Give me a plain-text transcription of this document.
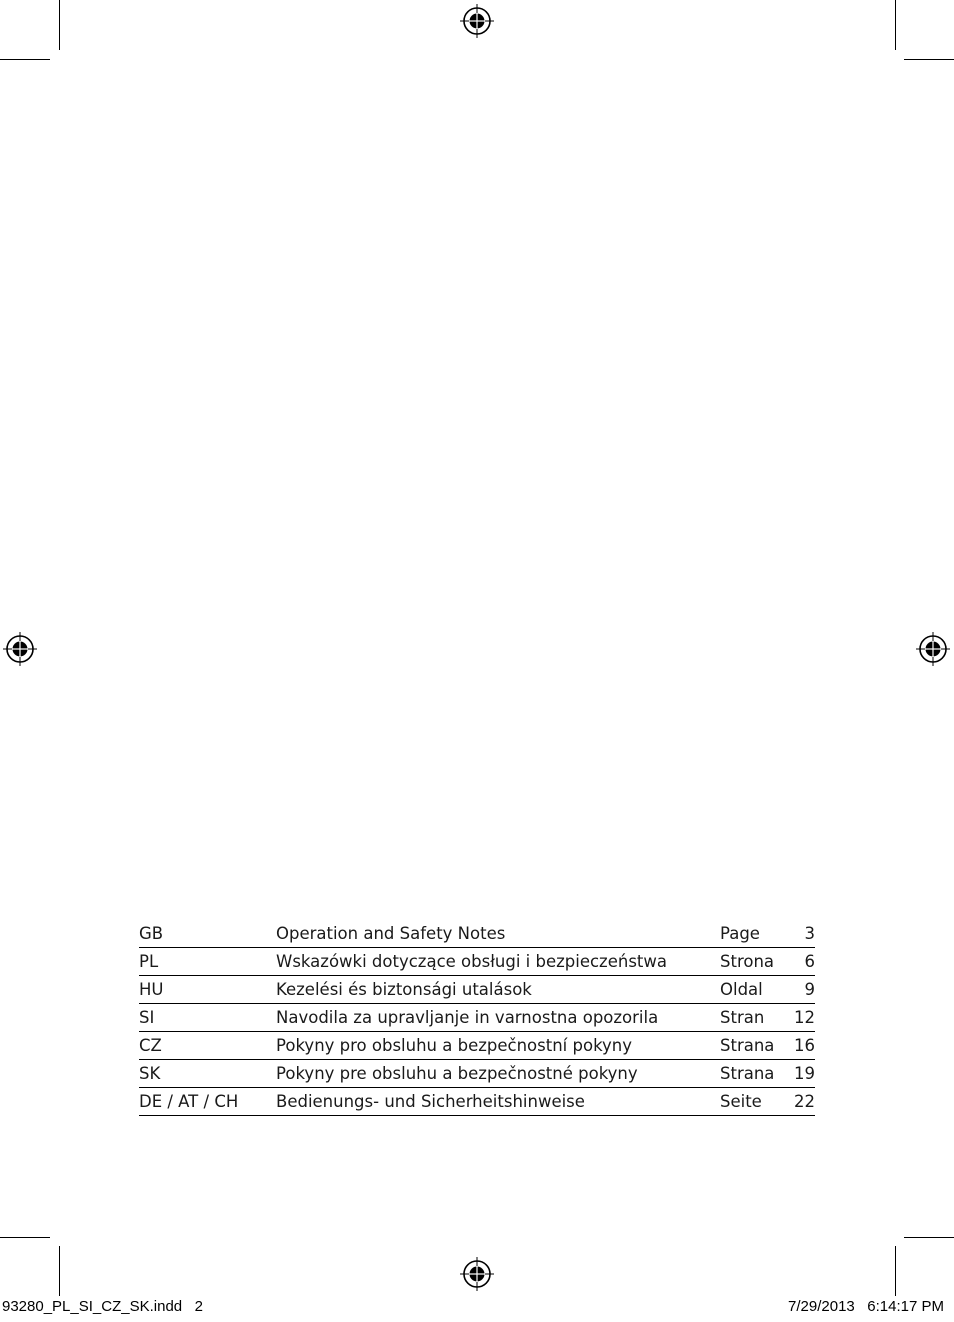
GB	Operation and Safety Notes	Page	3
PL	Wskazówki dotyczące obsługi i bezpieczeństwa	Strona	6
HU	Kezelési és biztonsági utalások	Oldal	9
SI	Navodila za upravljanje in varnostna opozorila	Stran	12
CZ	Pokyny pro obsluhu a bezpečnostní pokyny	Strana	16
SK	Pokyny pre obsluhu a bezpečnostné pokyny	Strana	19
DE / AT / CH	Bedienungs- und Sicherheitshinweise	Seite	22
93280_PL_SI_CZ_SK.indd   2	7/29/2013   6:14:17 PM
